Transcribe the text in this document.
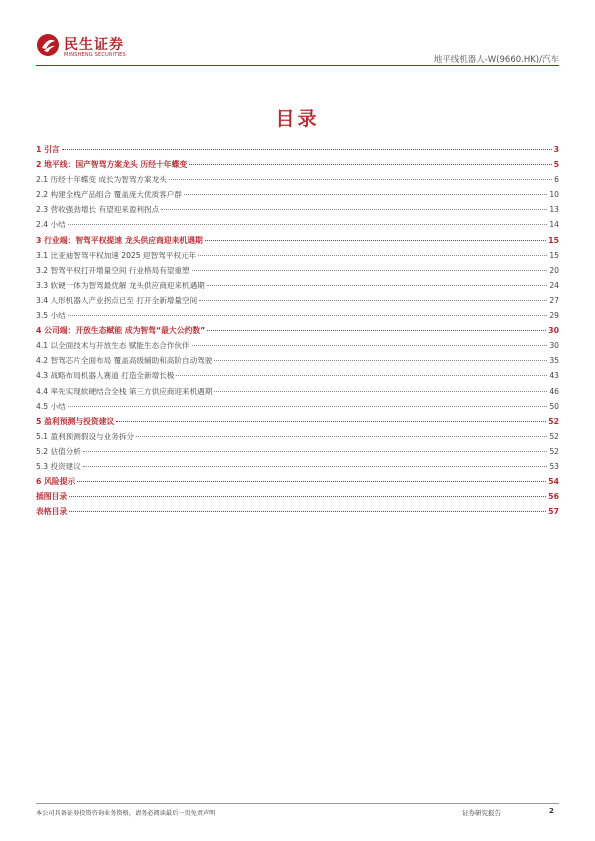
民生证券
MINSHENG SECURITIES	地平线机器人-W(9660.HK)/汽车
目录
1 引言	3
2 地平线：国产智驾方案龙头 历经十年蝶变	5
2.1 历经十年蝶变 成长为智驾方案龙头	6
2.2 构建全栈产品组合 覆盖庞大优质客户群	10
2.3 营收强劲增长 有望迎来盈利拐点	13
2.4 小结	14
3 行业端：智驾平权提速 龙头供应商迎来机遇期	15
3.1 比亚迪智驾平权加速 2025 迎智驾平权元年	15
3.2 智驾平权打开增量空间 行业格局有望重塑	20
3.3 软硬一体为智驾最优解 龙头供应商迎来机遇期	24
3.4 人形机器人产业拐点已至 打开全新增量空间	27
3.5 小结	29
4 公司端：开放生态赋能 成为智驾“最大公约数”	30
4.1 以全面技术与开放生态 赋能生态合作伙伴	30
4.2 智驾芯片全面布局 覆盖高级辅助和高阶自动驾驶	35
4.3 战略布局机器人赛道 打造全新增长极	43
4.4 率先实现软硬结合全栈 第三方供应商迎来机遇期	46
4.5 小结	50
5 盈利预测与投资建议	52
5.1 盈利预测假设与业务拆分	52
5.2 估值分析	52
5.3 投资建议	53
6 风险提示	54
插图目录	56
表格目录	57
本公司具备证券投资咨询业务资格，请务必阅读最后一页免责声明	证券研究报告	2
